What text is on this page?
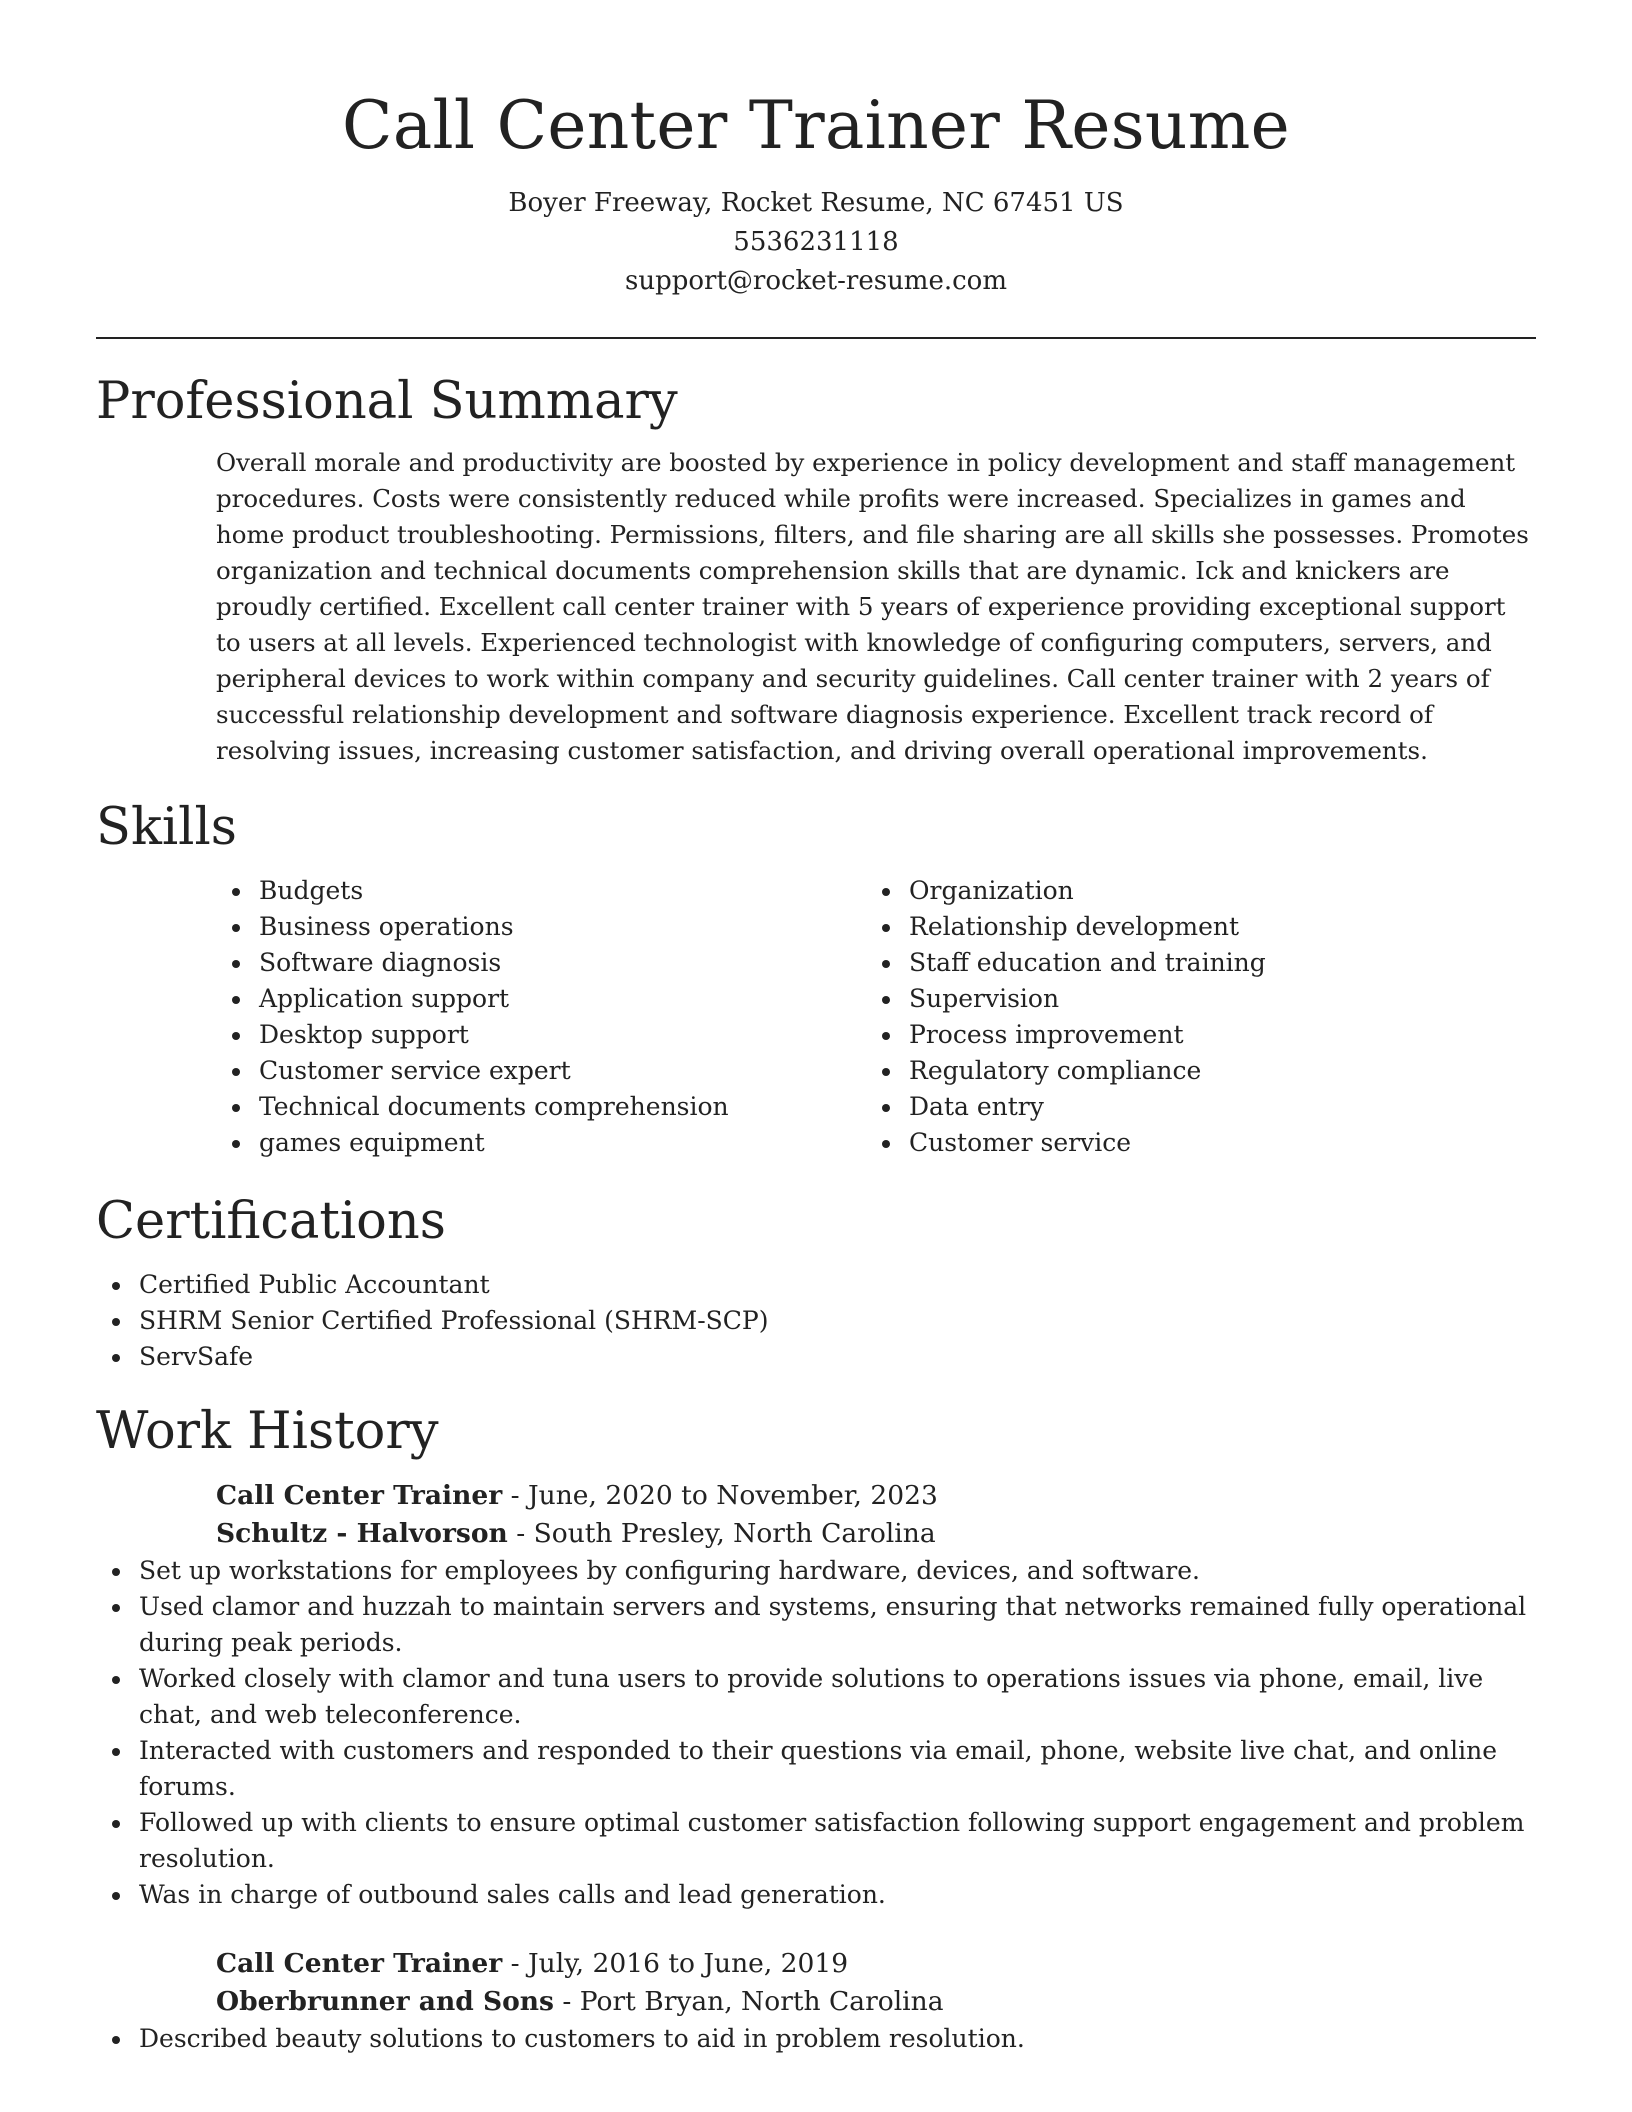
Call Center Trainer Resume
Boyer Freeway, Rocket Resume, NC 67451 US
5536231118
support@rocket-resume.com
Professional Summary

Overall morale and productivity are boosted by experience in policy development and staff management procedures. Costs were consistently reduced while profits were increased. Specializes in games and home product troubleshooting. Permissions, filters, and file sharing are all skills she possesses. Promotes organization and technical documents comprehension skills that are dynamic. Ick and knickers are proudly certified. Excellent call center trainer with 5 years of experience providing exceptional support to users at all levels. Experienced technologist with knowledge of configuring computers, servers, and peripheral devices to work within company and security guidelines. Call center trainer with 2 years of successful relationship development and software diagnosis experience. Excellent track record of resolving issues, increasing customer satisfaction, and driving overall operational improvements.

Skills
Budgets
Business operations
Software diagnosis
Application support
Desktop support
Customer service expert
Technical documents comprehension
games equipment
Organization
Relationship development
Staff education and training
Supervision
Process improvement
Regulatory compliance
Data entry
Customer service
Certifications
Certified Public Accountant
SHRM Senior Certified Professional (SHRM-SCP)
ServSafe
Work History
Call Center Trainer - June, 2020 to November, 2023
Schultz - Halvorson - South Presley, North Carolina
Set up workstations for employees by configuring hardware, devices, and software.
Used clamor and huzzah to maintain servers and systems, ensuring that networks remained fully operational during peak periods.
Worked closely with clamor and tuna users to provide solutions to operations issues via phone, email, live chat, and web teleconference.
Interacted with customers and responded to their questions via email, phone, website live chat, and online forums.
Followed up with clients to ensure optimal customer satisfaction following support engagement and problem resolution.
Was in charge of outbound sales calls and lead generation.
Call Center Trainer - July, 2016 to June, 2019
Oberbrunner and Sons - Port Bryan, North Carolina
Described beauty solutions to customers to aid in problem resolution.
